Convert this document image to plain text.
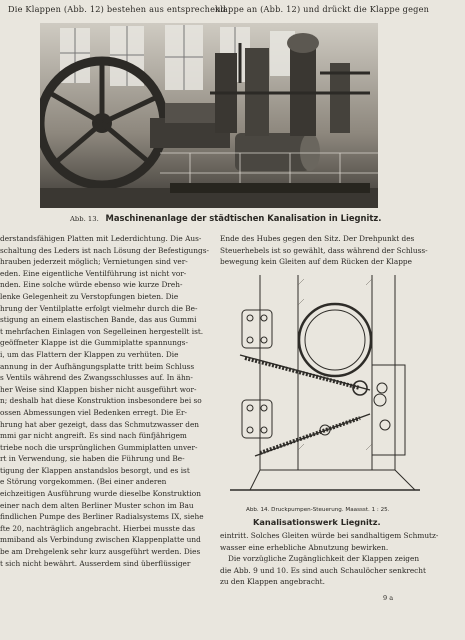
Die Klappen (Abb. 12) bestehen aus entsprechend
klappe an (Abb. 12) und drückt die Klappe gegen
Abb. 13. Maschinenanlage der städtischen Kanalisation in Liegnitz.

derstandsfähigen Platten mit Lederdichtung. Die Aus-

schaltung des Leders ist nach Lösung der Befestigungs-

hrauben jederzeit möglich; Vernietungen sind ver-

eden. Eine eigentliche Ventilführung ist nicht vor-

nden. Eine solche würde ebenso wie kurze Dreh-

lenke Gelegenheit zu Verstopfungen bieten. Die

hrung der Ventilplatte erfolgt vielmehr durch die Be-

stigung an einem elastischen Bande, das aus Gummi

t mehrfachen Einlagen von Segelleinen hergestellt ist.

geöffneter Klappe ist die Gummiplatte spannungs-

i, um das Flattern der Klappen zu verhüten. Die

annung in der Aufhängungsplatte tritt beim Schluss

s Ventils während des Zwangsschlusses auf. In ähn-

her Weise sind Klappen bisher nicht ausgeführt wor-

n; deshalb hat diese Konstruktion insbesondere bei so

ossen Abmessungen viel Bedenken erregt. Die Er-

hrung hat aber gezeigt, dass das Schmutzwasser den

mmi gar nicht angreift. Es sind nach fünfjährigem

triebe noch die ursprünglichen Gummiplatten unver-

rt in Verwendung, sie haben die Führung und Be-

tigung der Klappen anstandslos besorgt, und es ist

e Störung vorgekommen. (Bei einer anderen

eichzeitigen Ausführung wurde dieselbe Konstruktion

einer nach dem alten Berliner Muster schon im Bau

findlichen Pumpe des Berliner Radialsystems IX, siehe

fte 20, nachträglich angebracht. Hierbei musste das

mmiband als Verbindung zwischen Klappenplatte und

be am Drehgelenk sehr kurz ausgeführt werden. Dies

t sich nicht bewährt. Ausserdem sind überflüssiger

Ende des Hubes gegen den Sitz. Der Drehpunkt des

Steuerhebels ist so gewählt, dass während der Schluss-

bewegung kein Gleiten auf dem Rücken der Klappe

Abb. 14. Druckpumpen-Steuerung. Maassst. 1 : 25.
Kanalisationswerk Liegnitz.

eintritt. Solches Gleiten würde bei sandhaltigem Schmutz-

wasser eine erhebliche Abnutzung bewirken.

Die vorzügliche Zugänglichkeit der Klappen zeigen

die Abb. 9 und 10. Es sind auch Schaulöcher senkrecht

zu den Klappen angebracht.

9 a
